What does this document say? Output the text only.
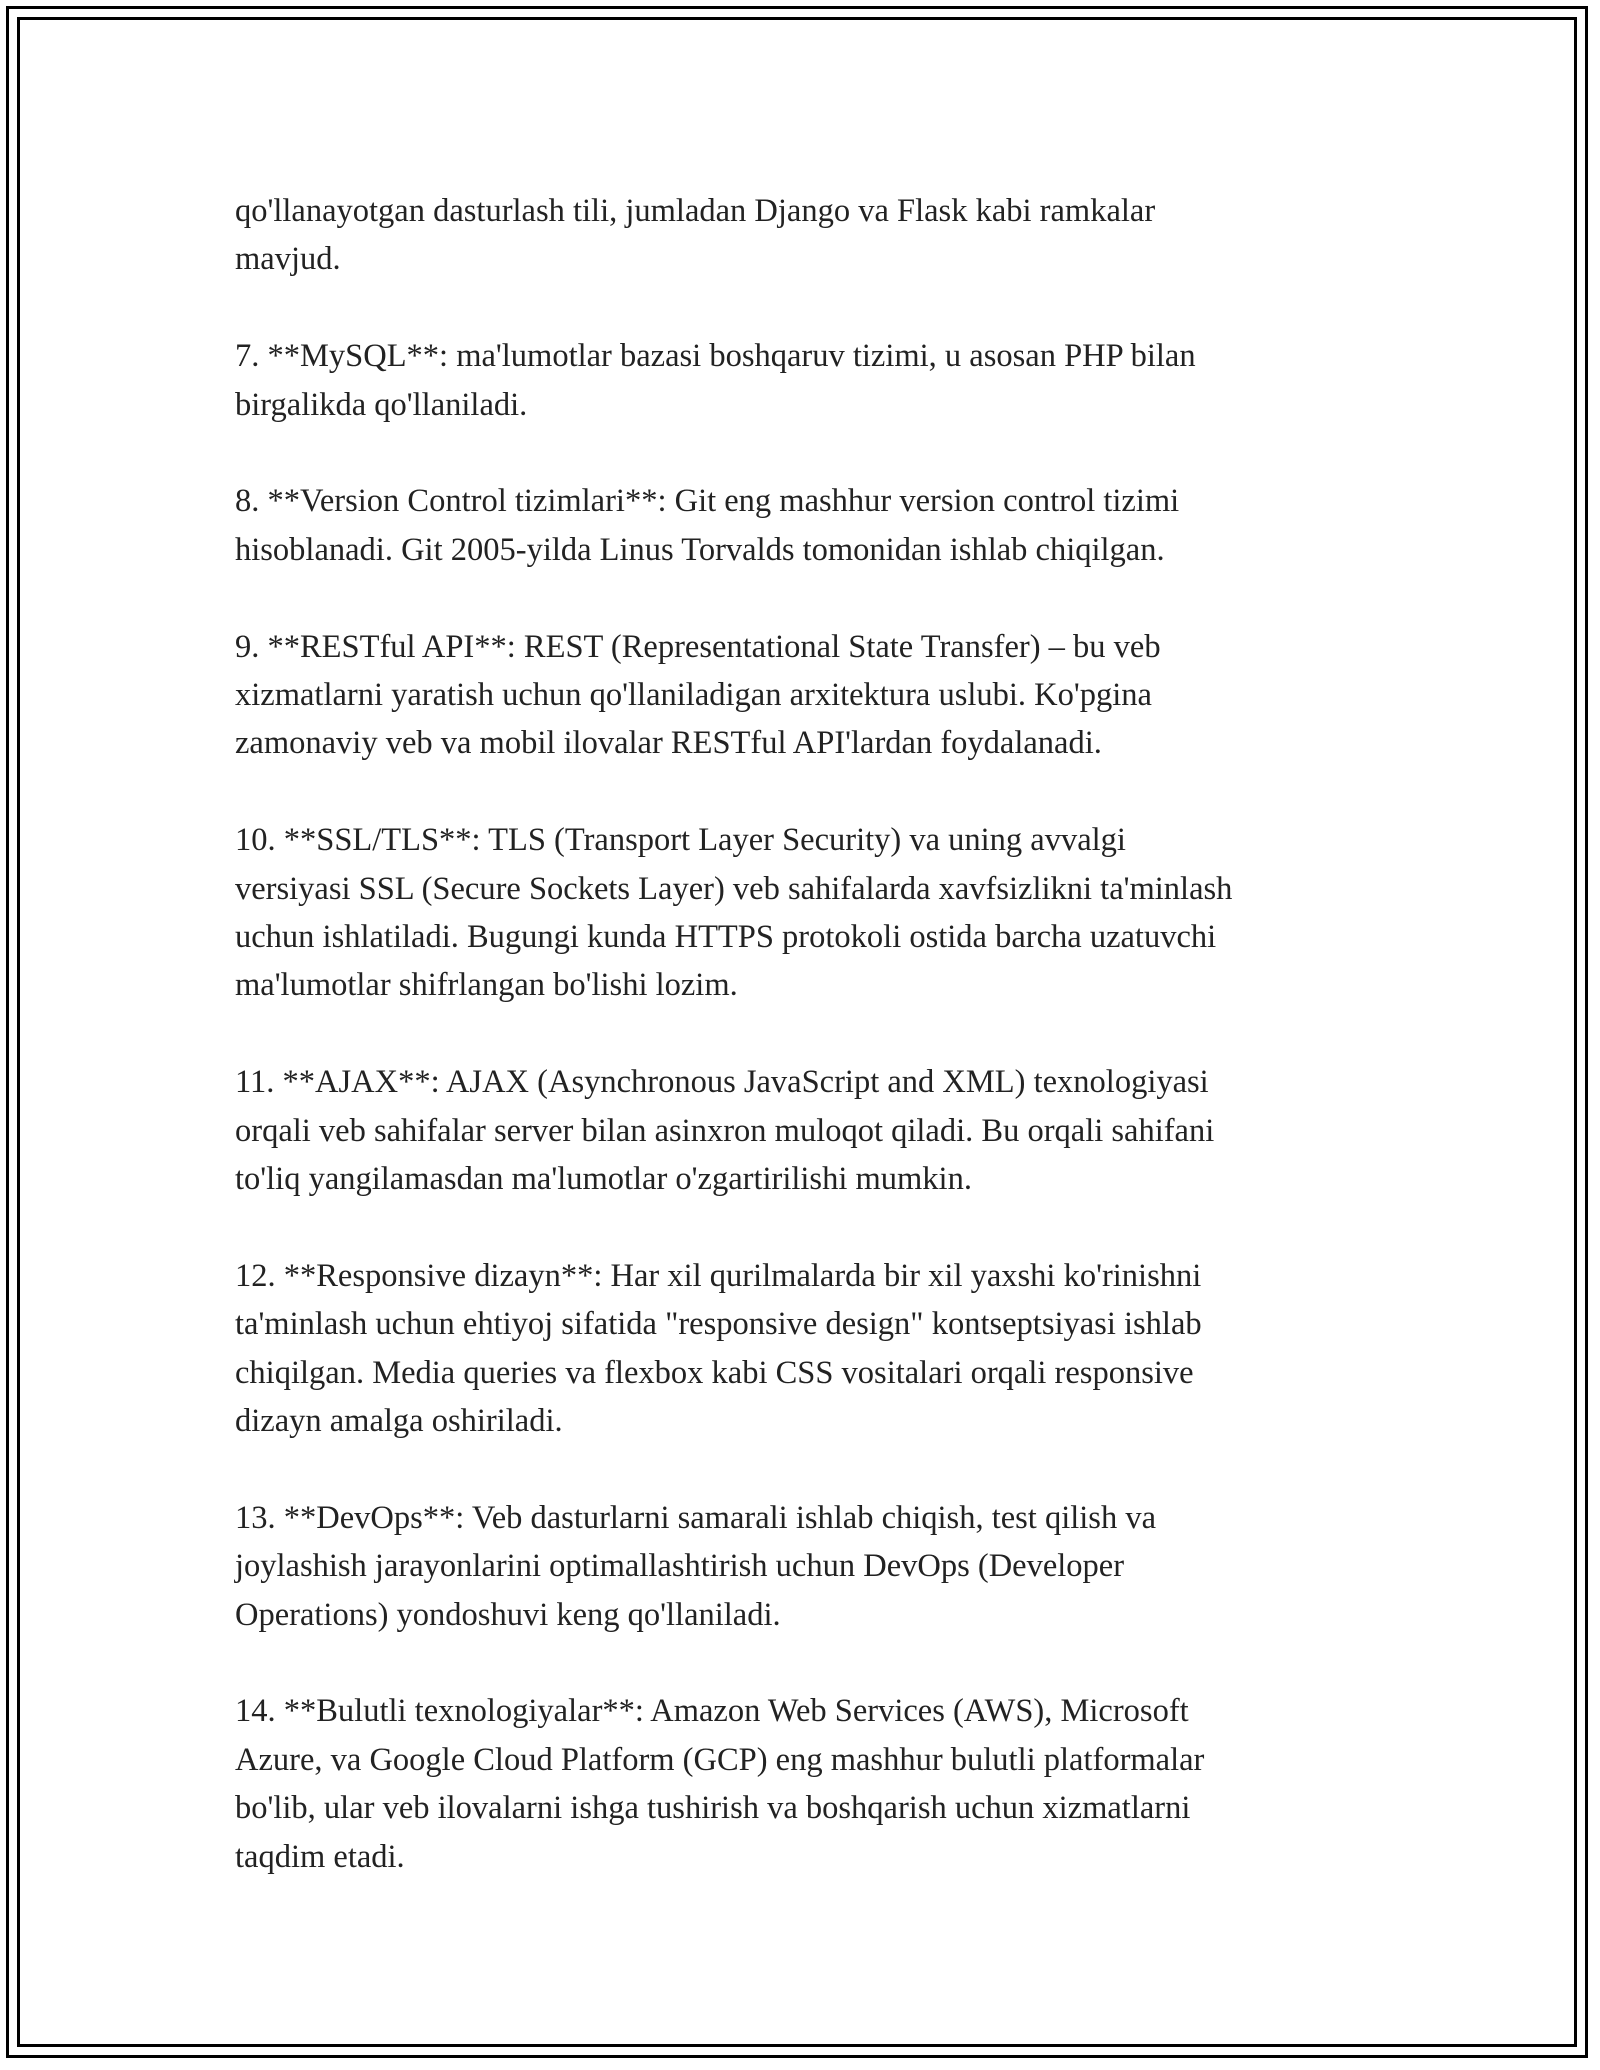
qo'llanayotgan dasturlash tili, jumladan Django va Flask kabi ramkalar
mavjud.

7. **MySQL**: ma'lumotlar bazasi boshqaruv tizimi, u asosan PHP bilan
birgalikda qo'llaniladi.

8. **Version Control tizimlari**: Git eng mashhur version control tizimi
hisoblanadi. Git 2005-yilda Linus Torvalds tomonidan ishlab chiqilgan.

9. **RESTful API**: REST (Representational State Transfer) – bu veb
xizmatlarni yaratish uchun qo'llaniladigan arxitektura uslubi. Ko'pgina
zamonaviy veb va mobil ilovalar RESTful API'lardan foydalanadi.

10. **SSL/TLS**: TLS (Transport Layer Security) va uning avvalgi
versiyasi SSL (Secure Sockets Layer) veb sahifalarda xavfsizlikni ta'minlash
uchun ishlatiladi. Bugungi kunda HTTPS protokoli ostida barcha uzatuvchi
ma'lumotlar shifrlangan bo'lishi lozim.

11. **AJAX**: AJAX (Asynchronous JavaScript and XML) texnologiyasi
orqali veb sahifalar server bilan asinxron muloqot qiladi. Bu orqali sahifani
to'liq yangilamasdan ma'lumotlar o'zgartirilishi mumkin.

12. **Responsive dizayn**: Har xil qurilmalarda bir xil yaxshi ko'rinishni
ta'minlash uchun ehtiyoj sifatida "responsive design" kontseptsiyasi ishlab
chiqilgan. Media queries va flexbox kabi CSS vositalari orqali responsive
dizayn amalga oshiriladi.

13. **DevOps**: Veb dasturlarni samarali ishlab chiqish, test qilish va
joylashish jarayonlarini optimallashtirish uchun DevOps (Developer
Operations) yondoshuvi keng qo'llaniladi.

14. **Bulutli texnologiyalar**: Amazon Web Services (AWS), Microsoft
Azure, va Google Cloud Platform (GCP) eng mashhur bulutli platformalar
bo'lib, ular veb ilovalarni ishga tushirish va boshqarish uchun xizmatlarni
taqdim etadi.
